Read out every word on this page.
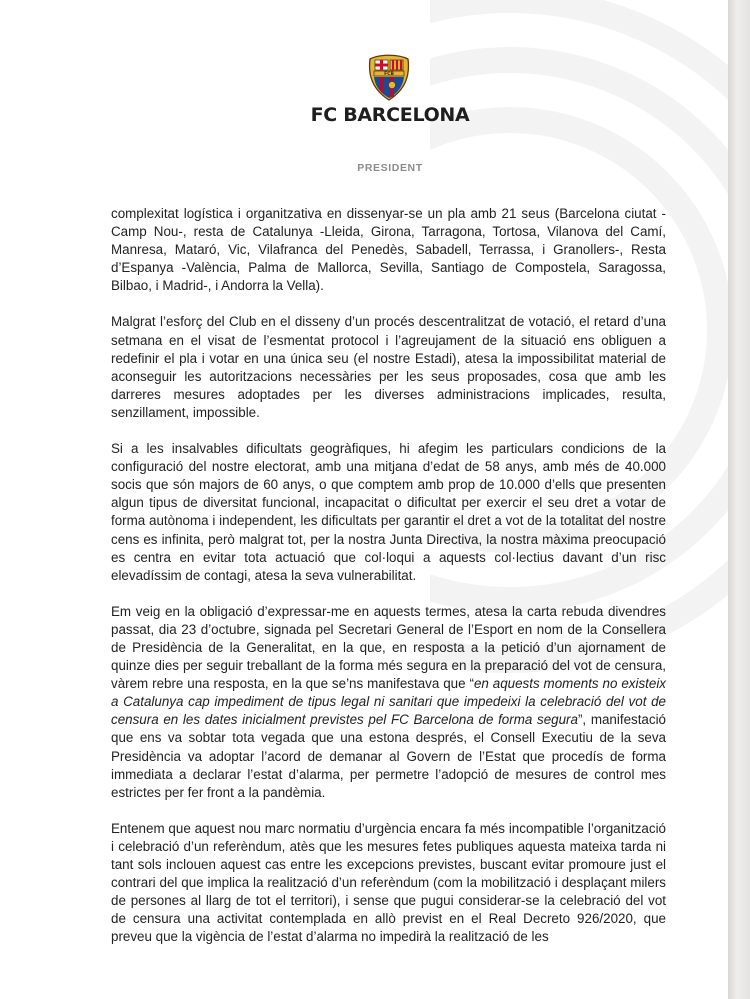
FCB
FC BARCELONA
PRESIDENT

complexitat logística i organitzativa en dissenyar-se un pla amb 21 seus (Barcelona ciutat - Camp Nou-, resta de Catalunya -Lleida, Girona, Tarragona, Tortosa, Vilanova del Camí, Manresa, Mataró, Vic, Vilafranca del Penedès, Sabadell, Terrassa, i Granollers-, Resta d’Espanya -València, Palma de Mallorca, Sevilla, Santiago de Compostela, Saragossa, Bilbao, i Madrid-, i Andorra la Vella).

Malgrat l’esforç del Club en el disseny d’un procés descentralitzat de votació, el retard d’una setmana en el visat de l’esmentat protocol i l’agreujament de la situació ens obliguen a redefinir el pla i votar en una única seu (el nostre Estadi), atesa la impossibilitat material de aconseguir les autoritzacions necessàries per les seus proposades, cosa que amb les darreres mesures adoptades per les diverses administracions implicades, resulta, senzillament, impossible.

Si a les insalvables dificultats geogràfiques, hi afegim les particulars condicions de la configuració del nostre electorat, amb una mitjana d’edat de 58 anys, amb més de 40.000 socis que són majors de 60 anys, o que comptem amb prop de 10.000 d’ells que presenten algun tipus de diversitat funcional, incapacitat o dificultat per exercir el seu dret a votar de forma autònoma i independent, les dificultats per garantir el dret a vot de la totalitat del nostre cens es infinita, però malgrat tot, per la nostra Junta Directiva, la nostra màxima preocupació es centra en evitar tota actuació que col·loqui a aquests col·lectius davant d’un risc elevadíssim de contagi, atesa la seva vulnerabilitat.

Em veig en la obligació d’expressar-me en aquests termes, atesa la carta rebuda divendres passat, dia 23 d’octubre, signada pel Secretari General de l’Esport en nom de la Consellera de Presidència de la Generalitat, en la que, en resposta a la petició d’un ajornament de quinze dies per seguir treballant de la forma més segura en la preparació del vot de censura, vàrem rebre una resposta, en la que se’ns manifestava que “en aquests moments no existeix a Catalunya cap impediment de tipus legal ni sanitari que impedeixi la celebració del vot de censura en les dates inicialment previstes pel FC Barcelona de forma segura”, manifestació que ens va sobtar tota vegada que una estona després, el Consell Executiu de la seva Presidència va adoptar l’acord de demanar al Govern de l’Estat que procedís de forma immediata a declarar l’estat d’alarma, per permetre l’adopció de mesures de control mes estrictes per fer front a la pandèmia.

Entenem que aquest nou marc normatiu d’urgència encara fa més incompatible l’organització i celebració d’un referèndum, atès que les mesures fetes publiques aquesta mateixa tarda ni tant sols inclouen aquest cas entre les excepcions previstes, buscant evitar promoure just el contrari del que implica la realització d’un referèndum (com la mobilització i desplaçant milers de persones al llarg de tot el territori), i sense que pugui considerar-se la celebració del vot de censura una activitat contemplada en allò previst en el Real Decreto 926/2020, que preveu que la vigència de l’estat d’alarma no impedirà la realització de les
